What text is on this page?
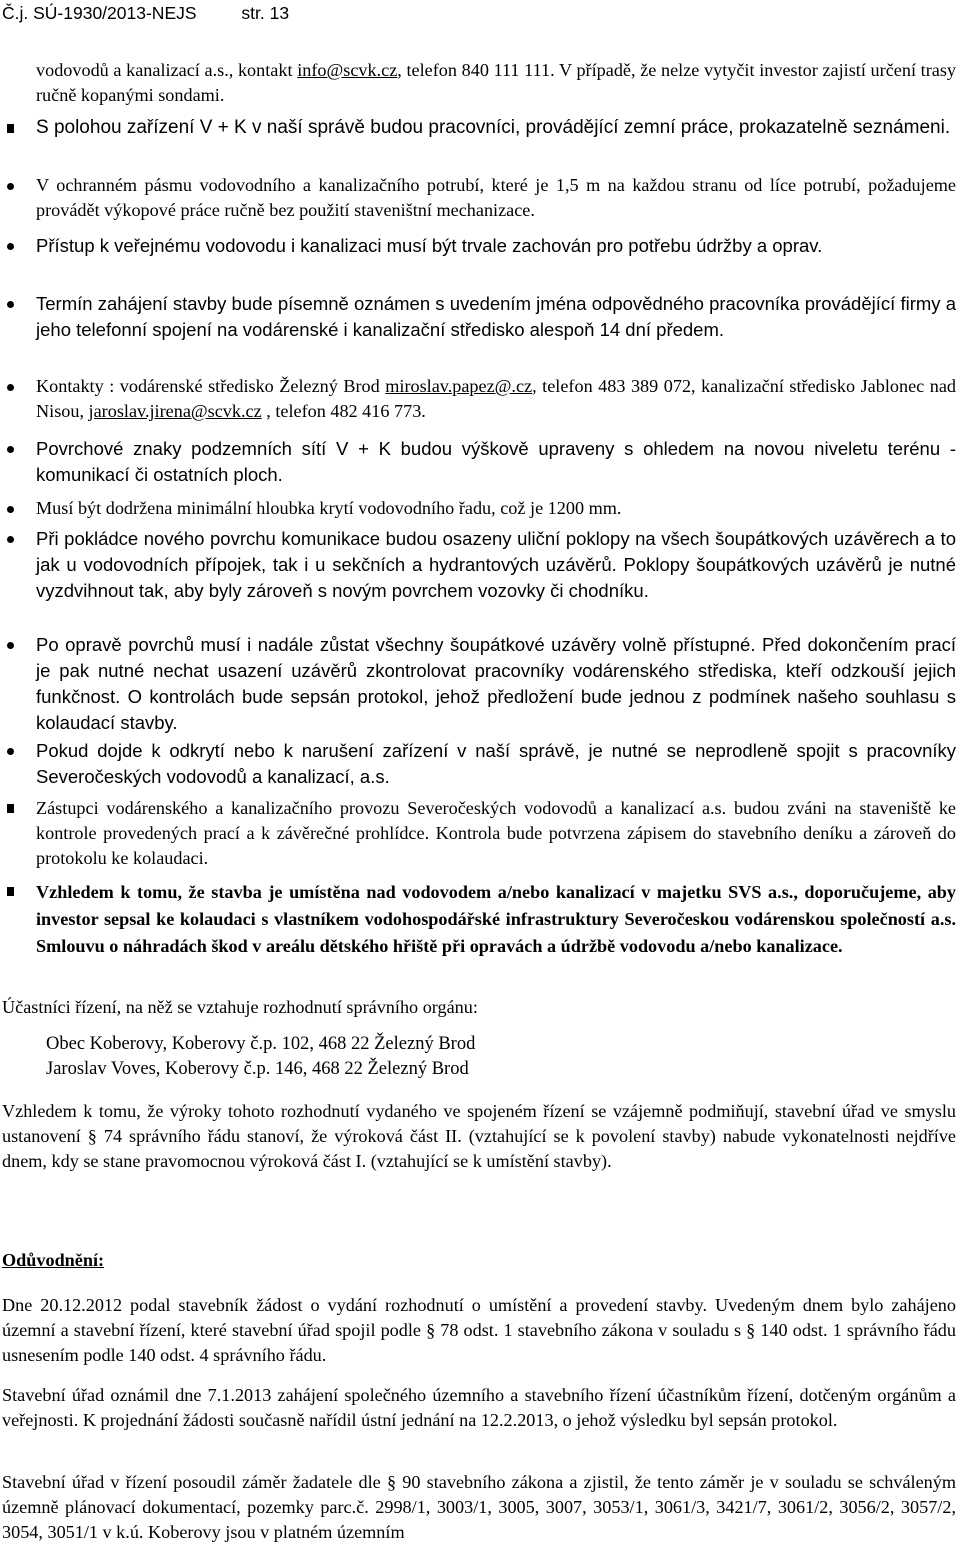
Č.j. SÚ-1930/2013-NEJS	str. 13
vodovodů a kanalizací a.s., kontakt info@scvk.cz, telefon 840 111 111. V případě, že nelze vytyčit investor zajistí určení trasy ručně kopanými sondami.
S polohou zařízení V + K v naší správě budou pracovníci, provádějící zemní práce, prokazatelně seznámeni.
V ochranném pásmu vodovodního a kanalizačního potrubí, které je 1,5 m na každou stranu od líce potrubí, požadujeme provádět výkopové práce ručně bez použití staveništní mechanizace.
Přístup k veřejnému vodovodu i kanalizaci musí být trvale zachován pro potřebu údržby a oprav.
Termín zahájení stavby bude písemně oznámen s uvedením jména odpovědného pracovníka provádějící firmy a jeho telefonní spojení na vodárenské i kanalizační středisko alespoň 14 dní předem.
Kontakty : vodárenské středisko Železný Brod miroslav.papez@.cz, telefon 483 389 072, kanalizační středisko Jablonec nad Nisou, jaroslav.jirena@scvk.cz , telefon 482 416 773.
Povrchové znaky podzemních sítí V + K budou výškově upraveny s ohledem na novou niveletu terénu - komunikací či ostatních ploch.
Musí být dodržena minimální hloubka krytí vodovodního řadu, což je 1200 mm.
Při pokládce nového povrchu komunikace budou osazeny uliční poklopy na všech šoupátkových uzávěrech a to jak u vodovodních přípojek, tak i u sekčních a hydrantových uzávěrů. Poklopy šoupátkových uzávěrů je nutné vyzdvihnout tak, aby byly zároveň s novým povrchem vozovky či chodníku.
Po opravě povrchů musí i nadále zůstat všechny šoupátkové uzávěry volně přístupné. Před dokončením prací je pak nutné nechat usazení uzávěrů zkontrolovat pracovníky vodárenského střediska, kteří odzkouší jejich funkčnost. O kontrolách bude sepsán protokol, jehož předložení bude jednou z podmínek našeho souhlasu s kolaudací stavby.
Pokud dojde k odkrytí nebo k narušení zařízení v naší správě, je nutné se neprodleně spojit s pracovníky Severočeských vodovodů a kanalizací, a.s.
Zástupci vodárenského a kanalizačního provozu Severočeských vodovodů a kanalizací a.s. budou zváni na staveniště ke kontrole provedených prací a k závěrečné prohlídce. Kontrola bude potvrzena zápisem do stavebního deníku a zároveň do protokolu ke kolaudaci.
Vzhledem k tomu, že stavba je umístěna nad vodovodem a/nebo kanalizací v majetku SVS a.s., doporučujeme, aby investor sepsal ke kolaudaci s vlastníkem vodohospodářské infrastruktury Severočeskou vodárenskou společností a.s. Smlouvu o náhradách škod v areálu dětského hřiště při opravách a údržbě vodovodu a/nebo kanalizace.
Účastníci řízení, na něž se vztahuje rozhodnutí správního orgánu:
Obec Koberovy, Koberovy č.p. 102, 468 22 Železný Brod
Jaroslav Voves, Koberovy č.p. 146, 468 22 Železný Brod
Vzhledem k tomu, že výroky tohoto rozhodnutí vydaného ve spojeném řízení se vzájemně podmiňují, stavební úřad ve smyslu ustanovení § 74 správního řádu stanoví, že výroková část II. (vztahující se k povolení stavby) nabude vykonatelnosti nejdříve dnem, kdy se stane pravomocnou výroková část I. (vztahující se k umístění stavby).
Odůvodnění:
Dne 20.12.2012 podal stavebník žádost o vydání rozhodnutí o umístění a provedení stavby. Uvedeným dnem bylo zahájeno územní a stavební řízení, které stavební úřad spojil podle § 78 odst. 1 stavebního zákona v souladu s § 140 odst. 1 správního řádu usnesením podle 140 odst. 4 správního řádu.
Stavební úřad oznámil dne 7.1.2013 zahájení společného územního a stavebního řízení účastníkům řízení, dotčeným orgánům a veřejnosti. K projednání žádosti současně nařídil ústní jednání na 12.2.2013, o jehož výsledku byl sepsán protokol.
Stavební úřad v řízení posoudil záměr žadatele dle § 90 stavebního zákona a zjistil, že tento záměr je v souladu se schváleným územně plánovací dokumentací, pozemky parc.č. 2998/1, 3003/1, 3005, 3007, 3053/1, 3061/3, 3421/7, 3061/2, 3056/2, 3057/2, 3054, 3051/1 v k.ú. Koberovy jsou v platném územním
